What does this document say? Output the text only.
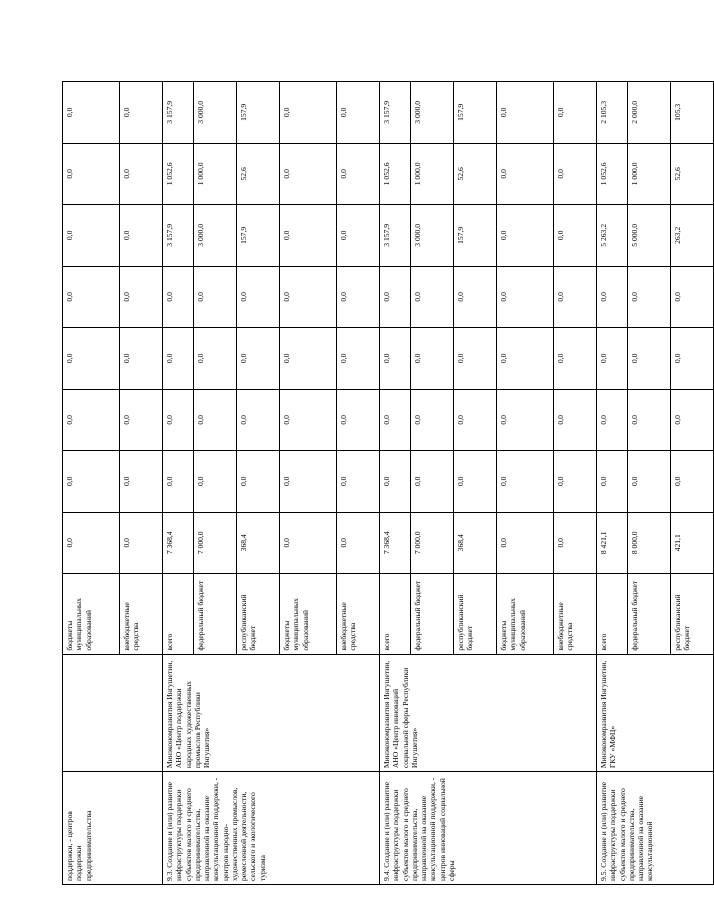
поддержки, - центров поддержки предпринимательства		бюджеты муниципальных образований	0,0	0,0	0,0	0,0	0,0	0,0	0,0	0,0
		внебюджетные средства	0,0	0,0	0,0	0,0	0,0	0,0	0,0	0,0
9.3. Создание и (или) развитие инфраструктуры поддержки субъектов малого и среднего предпринимательства, направленной на оказание консультационной поддержки, - центров народно-художественных промыслов, ремесленной деятельности, сельского и экологического туризма	Минэкономразвития Ингушетии, АНО «Центр поддержки народных художественных промыслов Республики Ингушетия»	всего	7 368,4	0,0	0,0	0,0	0,0	3 157,9	1 052,6	3 157,9
		федеральный бюджет	7 000,0	0,0	0,0	0,0	0,0	3 000,0	1 000,0	3 000,0
		республиканский бюджет	368,4	0,0	0,0	0,0	0,0	157,9	52,6	157,9
		бюджеты муниципальных образований	0,0	0,0	0,0	0,0	0,0	0,0	0,0	0,0
		внебюджетные средства	0,0	0,0	0,0	0,0	0,0	0,0	0,0	0,0
9.4. Создание и (или) развитие инфраструктуры поддержки субъектов малого и среднего предпринимательства, направленной на оказание консультационной поддержки, - центров инноваций социальной сферы	Минэкономразвития Ингушетии, АНО «Центр инноваций социальной сферы Республики Ингушетия»	всего	7 368,4	0,0	0,0	0,0	0,0	3 157,9	1 052,6	3 157,9
		федеральный бюджет	7 000,0	0,0	0,0	0,0	0,0	3 000,0	1 000,0	3 000,0
		республиканский бюджет	368,4	0,0	0,0	0,0	0,0	157,9	52,6	157,9
		бюджеты муниципальных образований	0,0	0,0	0,0	0,0	0,0	0,0	0,0	0,0
		внебюджетные средства	0,0	0,0	0,0	0,0	0,0	0,0	0,0	0,0
9.5. Создание и (или) развитие инфраструктуры поддержки субъектов малого и среднего предпринимательства, направленной на оказание консультационной	Минэкономразвития Ингушетии, ГКУ «МФЦ»	всего	8 421,1	0,0	0,0	0,0	0,0	5 263,2	1 052,6	2 105,3
		федеральный бюджет	8 000,0	0,0	0,0	0,0	0,0	5 000,0	1 000,0	2 000,0
		республиканский бюджет	421,1	0,0	0,0	0,0	0,0	263,2	52,6	105,3
